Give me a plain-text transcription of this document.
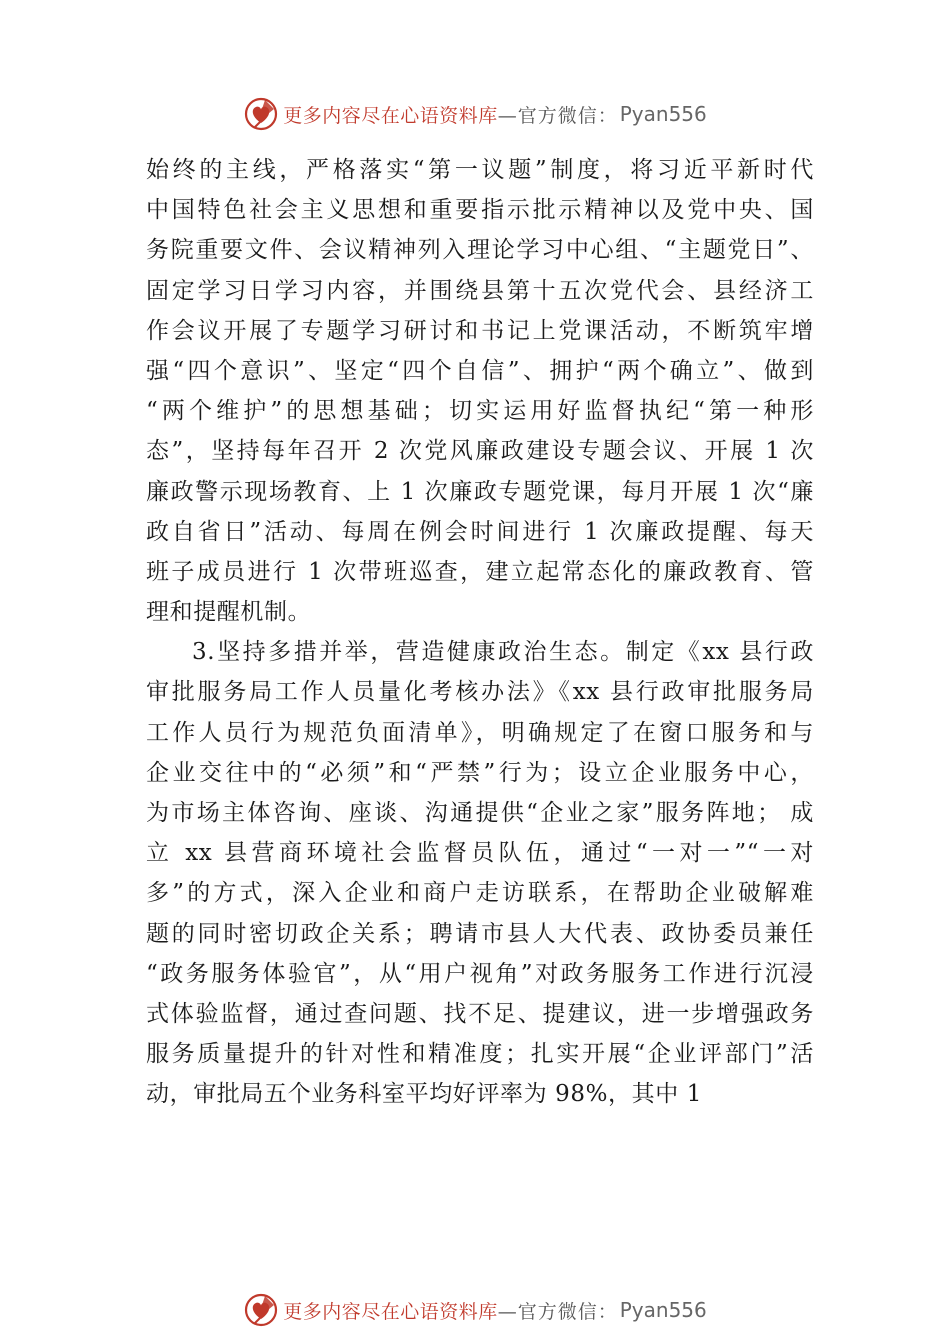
更多内容尽在心语资料库 —官方微信： Pyan556
始终的主线，严格落实“第一议题”制度，将习近平新时代
中国特色社会主义思想和重要指示批示精神以及党中央、国
务院重要文件、会议精神列入理论学习中心组、“主题党日”、
固定学习日学习内容，并围绕县第十五次党代会、县经济工
作会议开展了专题学习研讨和书记上党课活动，不断筑牢增
强“四个意识”、坚定“四个自信”、拥护“两个确立”、做到
“两个维护”的思想基础；切实运用好监督执纪“第一种形
态”，坚持每年召开 2 次党风廉政建设专题会议、开展 1 次
廉政警示现场教育、上 1 次廉政专题党课，每月开展 1 次“廉
政自省日”活动、每周在例会时间进行 1 次廉政提醒、每天
班子成员进行 1 次带班巡查，建立起常态化的廉政教育、管
理和提醒机制。
3.坚持多措并举，营造健康政治生态。制定《xx 县行政
审批服务局工作人员量化考核办法》《xx 县行政审批服务局
工作人员行为规范负面清单》，明确规定了在窗口服务和与
企业交往中的“必须”和“严禁”行为；设立企业服务中心，
为市场主体咨询、座谈、沟通提供“企业之家”服务阵地； 成
立 xx 县营商环境社会监督员队伍，通过“一对一”“一对
多”的方式，深入企业和商户走访联系，在帮助企业破解难
题的同时密切政企关系；聘请市县人大代表、政协委员兼任
“政务服务体验官”，从“用户视角”对政务服务工作进行沉浸
式体验监督，通过查问题、找不足、提建议，进一步增强政务
服务质量提升的针对性和精准度；扎实开展“企业评部门”活
动，审批局五个业务科室平均好评率为 98%，其中 1
更多内容尽在心语资料库 —官方微信： Pyan556
